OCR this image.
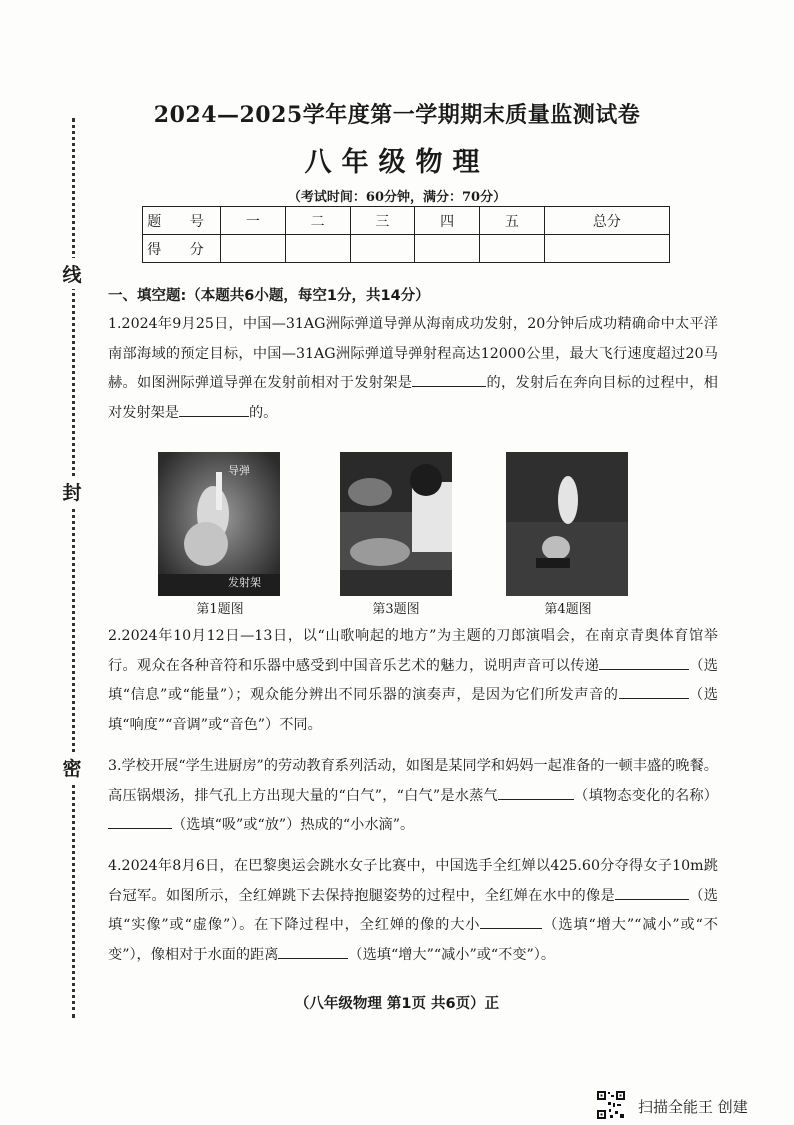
线
封
密
2024—2025学年度第一学期期末质量监测试卷
八年级物理
（考试时间：60分钟，满分：70分）
题 号	一	二	三	四	五	总分
得 分						
一、填空题:（本题共6小题，每空1分，共14分）
1.2024年9月25日，中国—31AG洲际弹道导弹从海南成功发射，20分钟后成功精确命中太平洋南部海域的预定目标，中国—31AG洲际弹道导弹射程高达12000公里，最大飞行速度超过20马赫。如图洲际弹道导弹在发射前相对于发射架是	的，发射后在奔向目标的过程中，相对发射架是	的。
导弹
发射架
第1题图	第3题图	第4题图
2.2024年10月12日—13日，以“山歌响起的地方”为主题的刀郎演唱会，在南京青奥体育馆举行。观众在各种音符和乐器中感受到中国音乐艺术的魅力，说明声音可以传递	（选填“信息”或“能量”）；观众能分辨出不同乐器的演奏声，是因为它们所发声音的	（选填“响度”“音调”或“音色”）不同。
3.学校开展“学生进厨房”的劳动教育系列活动，如图是某同学和妈妈一起准备的一顿丰盛的晚餐。高压锅煨汤，排气孔上方出现大量的“白气”，“白气”是水蒸气	（填物态变化的名称）（选填“吸”或“放”）热成的“小水滴”。
4.2024年8月6日，在巴黎奥运会跳水女子比赛中，中国选手全红婵以425.60分夺得女子10m跳台冠军。如图所示，全红婵跳下去保持抱腿姿势的过程中，全红婵在水中的像是	（选填“实像”或“虚像”）。在下降过程中，全红婵的像的大小	（选填“增大”“减小”或“不变”），像相对于水面的距离	（选填“增大”“减小”或“不变”）。
（八年级物理 第1页 共6页）正
扫描全能王 创建
